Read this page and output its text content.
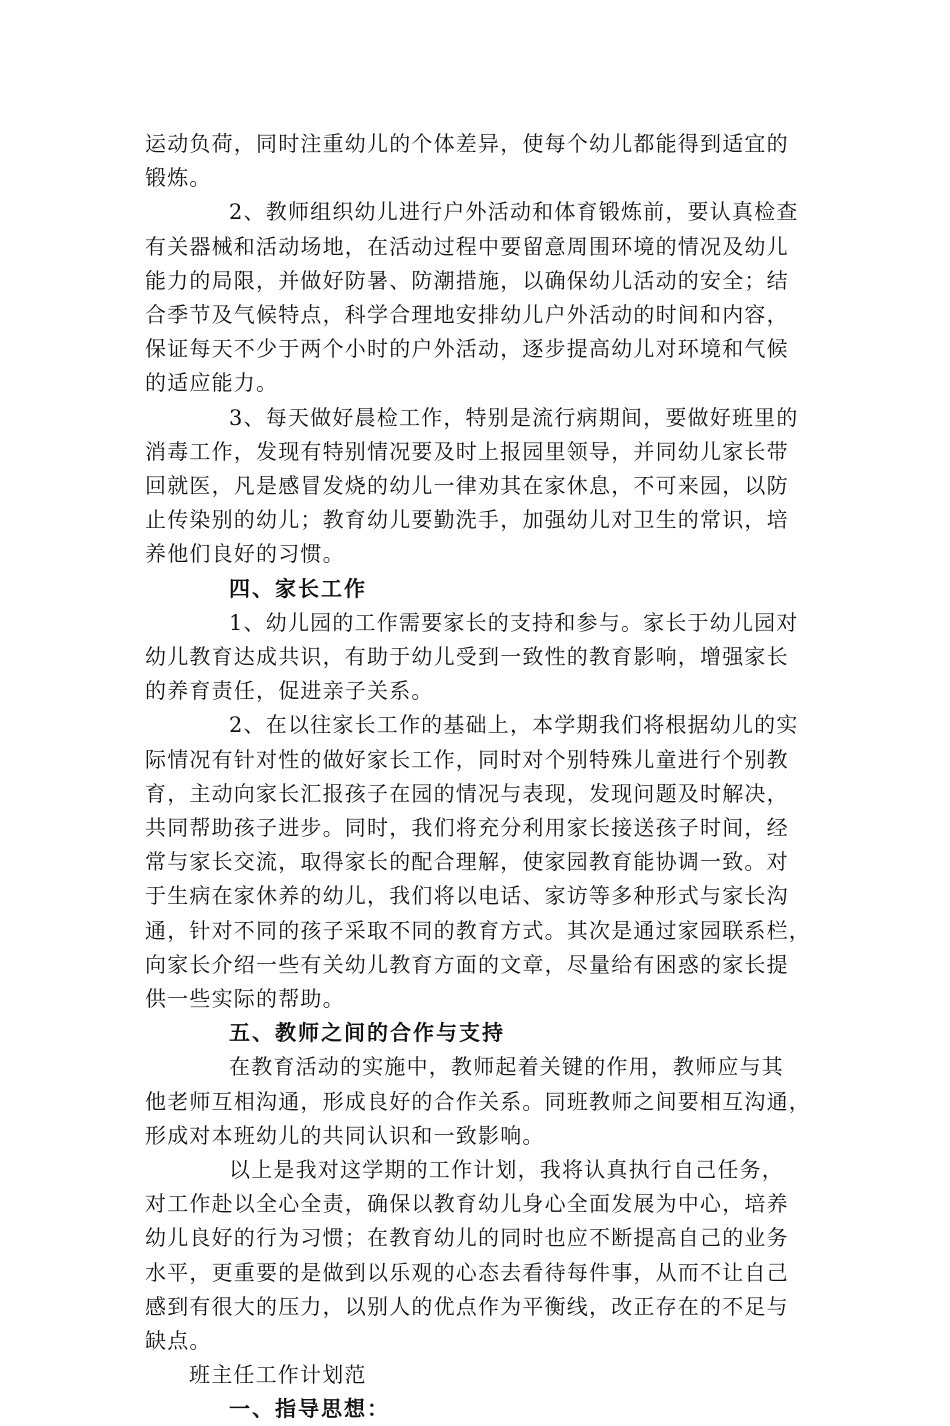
运动负荷，同时注重幼儿的个体差异，使每个幼儿都能得到适宜的
锻炼。
2、教师组织幼儿进行户外活动和体育锻炼前，要认真检查
有关器械和活动场地，在活动过程中要留意周围环境的情况及幼儿
能力的局限，并做好防暑、防潮措施，以确保幼儿活动的安全；结
合季节及气候特点，科学合理地安排幼儿户外活动的时间和内容，
保证每天不少于两个小时的户外活动，逐步提高幼儿对环境和气候
的适应能力。
3、每天做好晨检工作，特别是流行病期间，要做好班里的
消毒工作，发现有特别情况要及时上报园里领导，并同幼儿家长带
回就医，凡是感冒发烧的幼儿一律劝其在家休息，不可来园，以防
止传染别的幼儿；教育幼儿要勤洗手，加强幼儿对卫生的常识，培
养他们良好的习惯。
四、家长工作
1、幼儿园的工作需要家长的支持和参与。家长于幼儿园对
幼儿教育达成共识，有助于幼儿受到一致性的教育影响，增强家长
的养育责任，促进亲子关系。
2、在以往家长工作的基础上，本学期我们将根据幼儿的实
际情况有针对性的做好家长工作，同时对个别特殊儿童进行个别教
育，主动向家长汇报孩子在园的情况与表现，发现问题及时解决，
共同帮助孩子进步。同时，我们将充分利用家长接送孩子时间，经
常与家长交流，取得家长的配合理解，使家园教育能协调一致。对
于生病在家休养的幼儿，我们将以电话、家访等多种形式与家长沟
通，针对不同的孩子采取不同的教育方式。其次是通过家园联系栏，
向家长介绍一些有关幼儿教育方面的文章，尽量给有困惑的家长提
供一些实际的帮助。
五、教师之间的合作与支持
在教育活动的实施中，教师起着关键的作用，教师应与其
他老师互相沟通，形成良好的合作关系。同班教师之间要相互沟通，
形成对本班幼儿的共同认识和一致影响。
以上是我对这学期的工作计划，我将认真执行自己任务，
对工作赴以全心全责，确保以教育幼儿身心全面发展为中心，培养
幼儿良好的行为习惯；在教育幼儿的同时也应不断提高自己的业务
水平，更重要的是做到以乐观的心态去看待每件事，从而不让自己
感到有很大的压力，以别人的优点作为平衡线，改正存在的不足与
缺点。
班主任工作计划范
一、指导思想：
